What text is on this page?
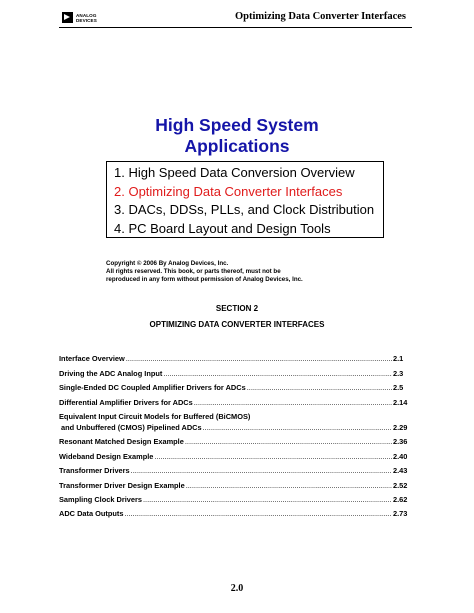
ANALOG
DEVICES	Optimizing Data Converter Interfaces
High Speed System
Applications
1. High Speed Data Conversion Overview
2. Optimizing Data Converter Interfaces
3. DACs, DDSs, PLLs, and Clock Distribution
4. PC Board Layout and Design Tools
Copyright © 2006 By Analog Devices, Inc.
All rights reserved. This book, or parts thereof, must not be
reproduced in any form without permission of Analog Devices, Inc.
SECTION 2
OPTIMIZING DATA CONVERTER INTERFACES
Interface Overview .....	2.1
Driving the ADC Analog Input .....	2.3
Single-Ended DC Coupled Amplifier Drivers for ADCs .....	2.5
Differential Amplifier Drivers for ADCs .....	2.14
Equivalent Input Circuit Models for Buffered (BiCMOS)
and Unbuffered (CMOS) Pipelined ADCs .....	2.29
Resonant Matched Design Example .....	2.36
Wideband Design Example .....	2.40
Transformer Drivers .....	2.43
Transformer Driver Design Example .....	2.52
Sampling Clock Drivers .....	2.62
ADC Data Outputs .....	2.73
2.0
